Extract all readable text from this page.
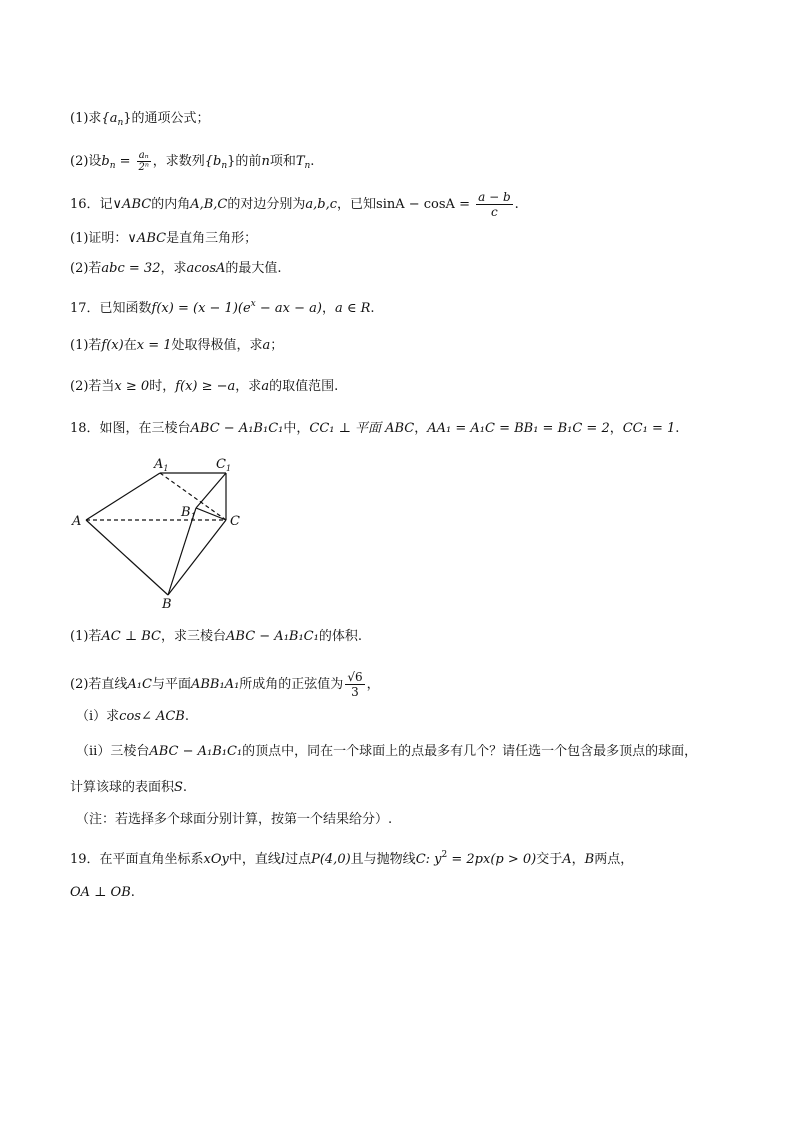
(1)求$\{a_n\}$的通项公式；
(2)设$b_n = \frac{\text{aₙ}}{\text{2ⁿ}}$ ，求数列$\{b_n\}$的前n项和$T_n$.
16．记∨ABC的内角A,B,C的对边分别为a,b,c，已知$\sin A - \cos A = \frac{a - b}{c}$ .
(1)证明：∨ABC是直角三角形；
(2)若abc = 32，求acosA的最大值.
17．已知函数$f(x) = (x - 1)(e^x$ − ax − a)，a ∈ R.
(1)若f(x)在x = 1处取得极值，求a；
(2)若当x ≥ 0时，f(x) ≥ −a，求a的取值范围.
18．如图，在三棱台ABC − A₁B₁C₁中，CC₁ ⊥ 平面 ABC，AA₁ = A₁C = BB₁ = B₁C = 2，CC₁ = 1.
$A_1$	$C_1$
$B_1$
A	C
B
(1)若AC ⊥ BC，求三棱台ABC − A₁B₁C₁的体积.
(2)若直线A₁C与平面ABB₁A₁所成角的正弦值为 $\frac{√6}{3}$ ，
（i）求cos∠ ACB.
（ii）三棱台ABC − A₁B₁C₁的顶点中，同在一个球面上的点最多有几个？请任选一个包含最多顶点的球面，
计算该球的表面积S.
（注：若选择多个球面分别计算，按第一个结果给分）.
19．在平面直角坐标系xOy中，直线l过点P(4,0)且与抛物线C: $y^2 = 2px(p > 0)$交于A，B两点，
OA ⊥ OB.
